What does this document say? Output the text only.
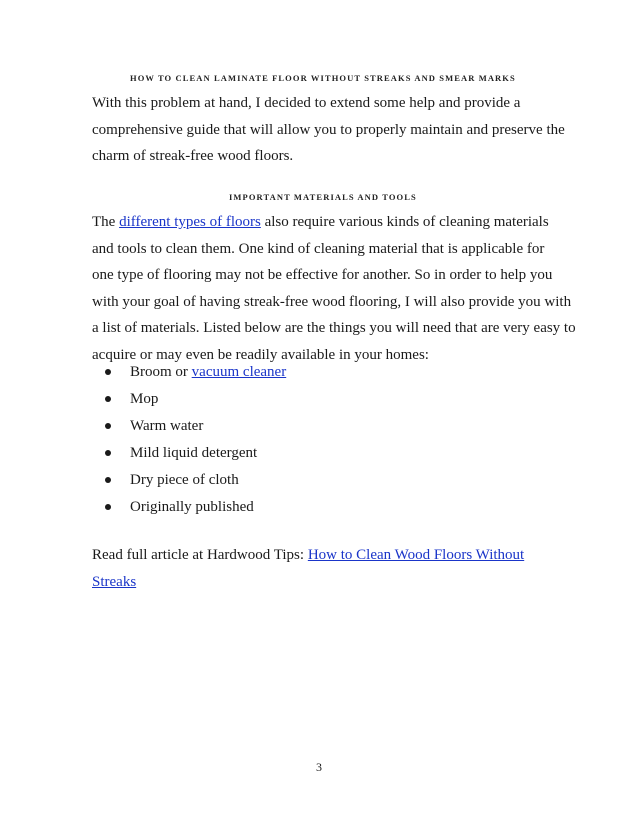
HOW TO CLEAN LAMINATE FLOOR WITHOUT STREAKS AND SMEAR MARKS
With this problem at hand, I decided to extend some help and provide a
comprehensive guide that will allow you to properly maintain and preserve the
charm of streak-free wood floors.
IMPORTANT MATERIALS AND TOOLS
The different types of floors also require various kinds of cleaning materials
and tools to clean them. One kind of cleaning material that is applicable for
one type of flooring may not be effective for another. So in order to help you
with your goal of having streak-free wood flooring, I will also provide you with
a list of materials. Listed below are the things you will need that are very easy to
acquire or may even be readily available in your homes:
Broom or vacuum cleaner
Mop
Warm water
Mild liquid detergent
Dry piece of cloth
Originally published
Read full article at Hardwood Tips: How to Clean Wood Floors Without
Streaks
3
